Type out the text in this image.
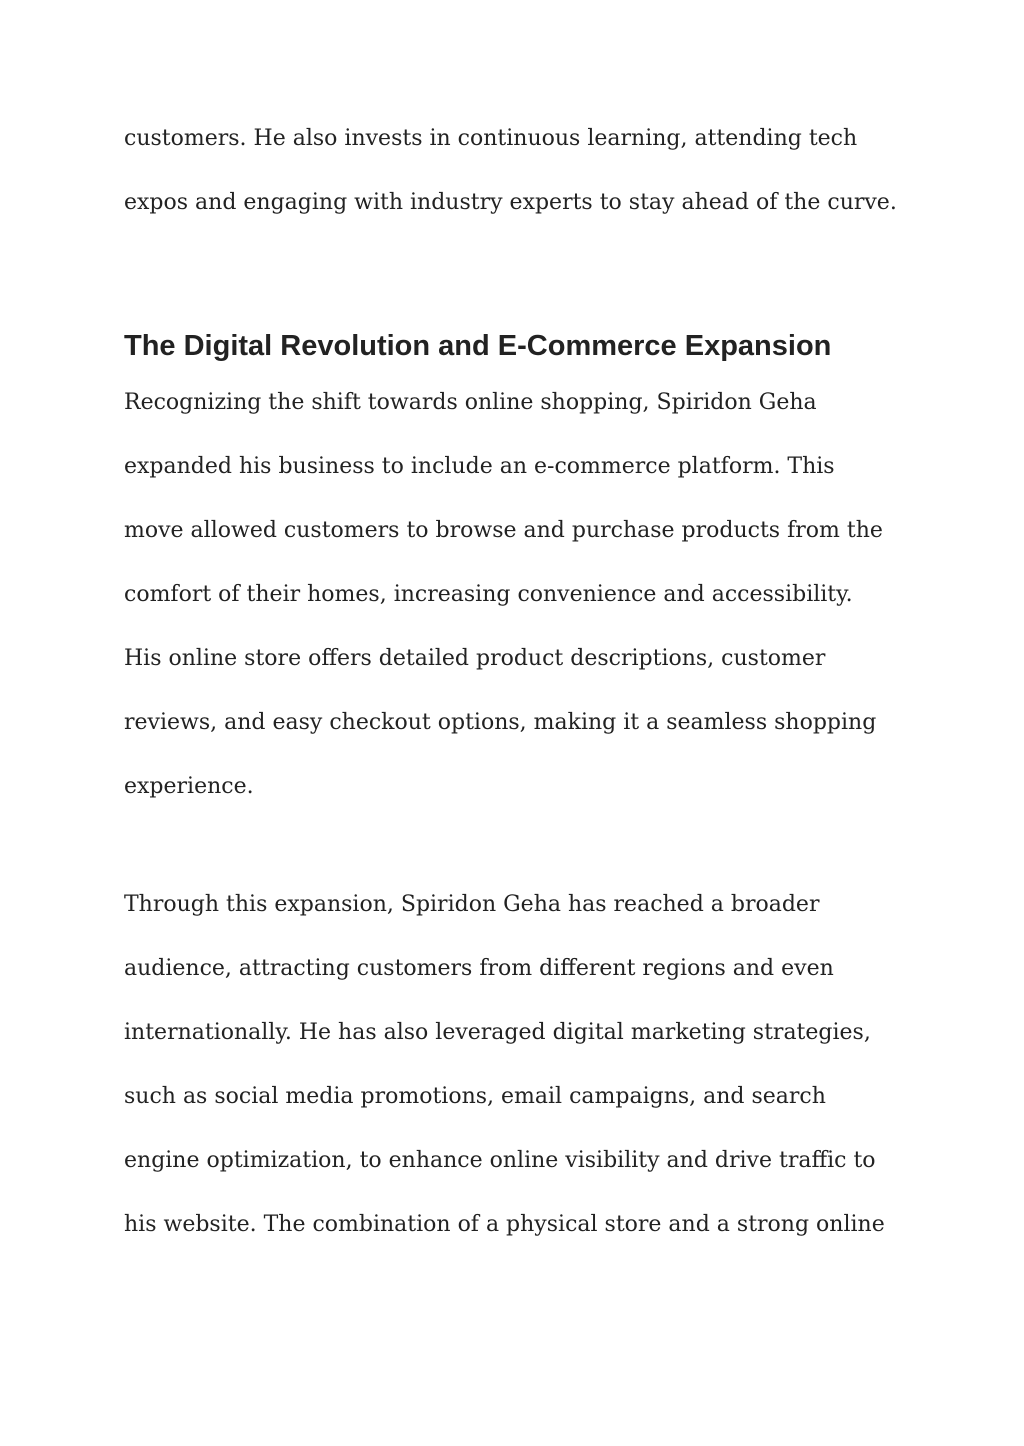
customers. He also invests in continuous learning, attending tech

expos and engaging with industry experts to stay ahead of the curve.

The Digital Revolution and E-Commerce Expansion

Recognizing the shift towards online shopping, Spiridon Geha

expanded his business to include an e-commerce platform. This

move allowed customers to browse and purchase products from the

comfort of their homes, increasing convenience and accessibility.

His online store offers detailed product descriptions, customer

reviews, and easy checkout options, making it a seamless shopping

experience.

Through this expansion, Spiridon Geha has reached a broader

audience, attracting customers from different regions and even

internationally. He has also leveraged digital marketing strategies,

such as social media promotions, email campaigns, and search

engine optimization, to enhance online visibility and drive traffic to

his website. The combination of a physical store and a strong online
